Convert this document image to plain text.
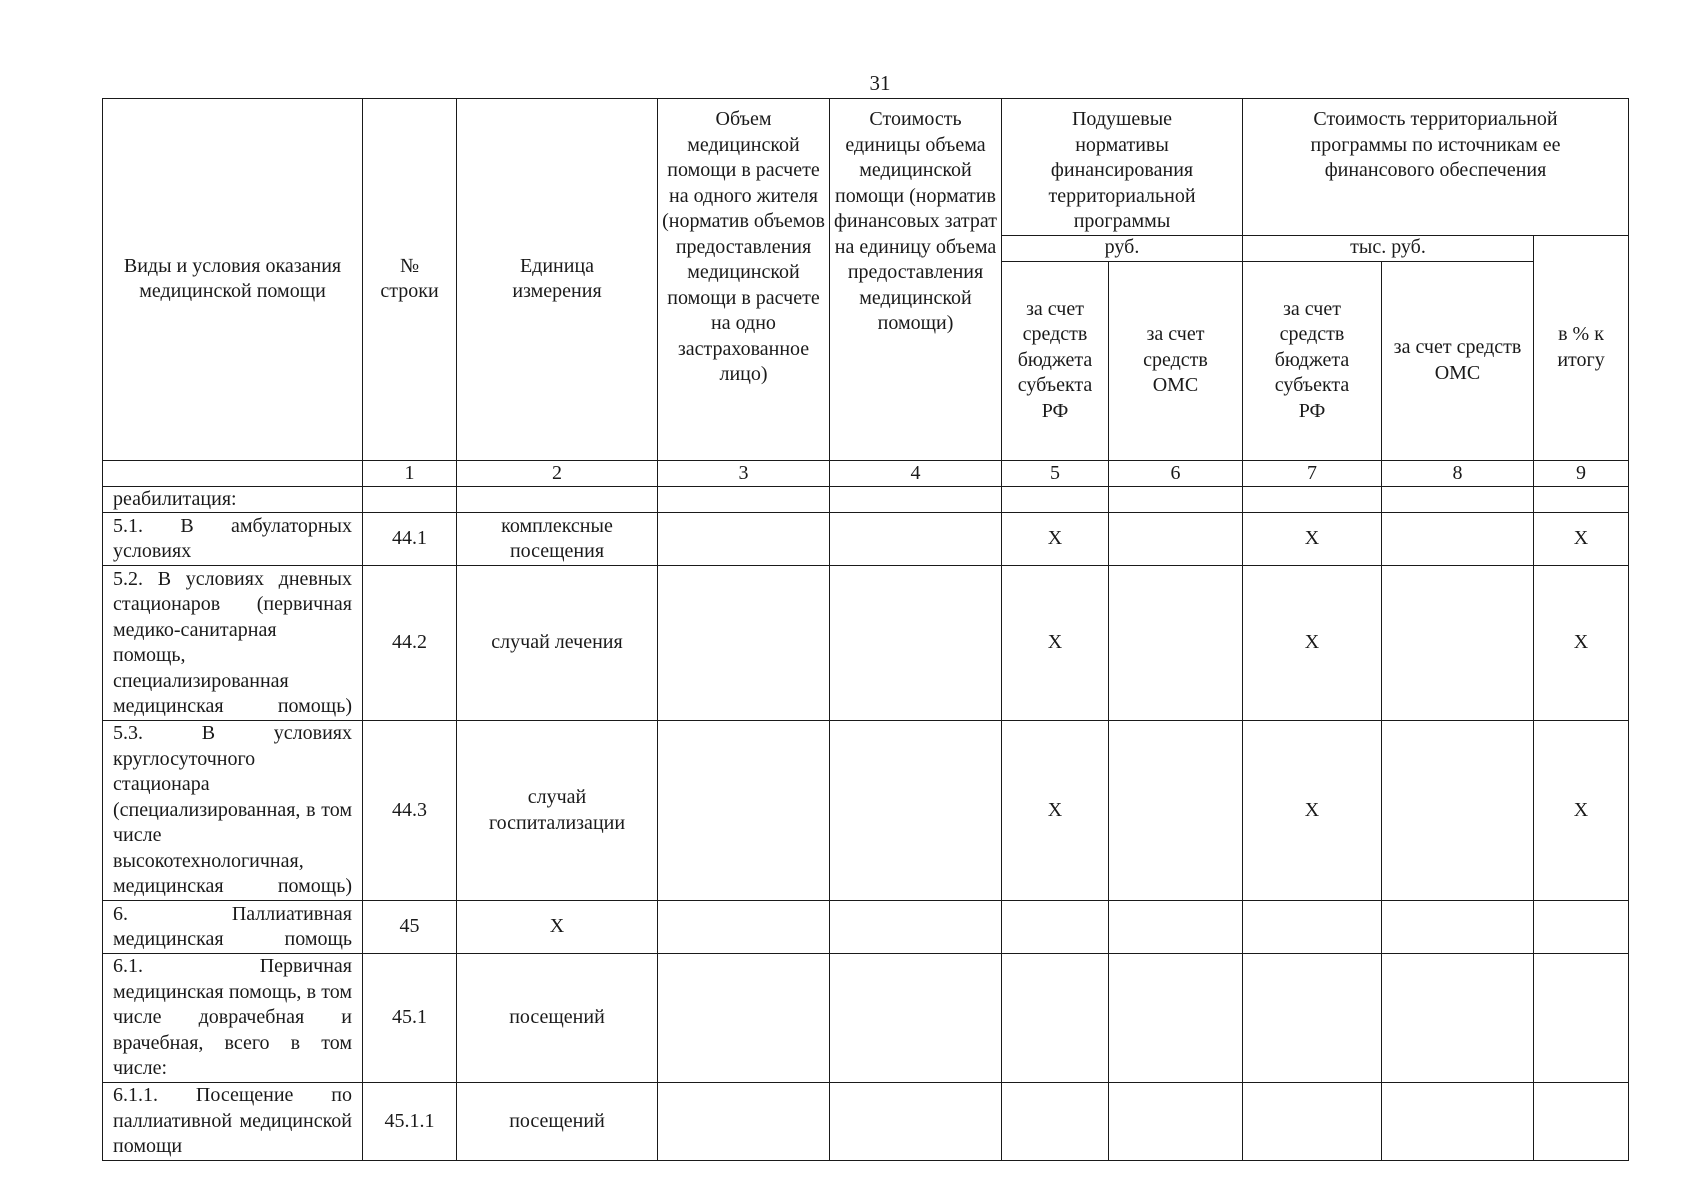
31
Виды и условия оказания медицинской помощи	№ строки	Единица измерения	Объем медицинской помощи в расчете на одного жителя (норматив объемов предоставления медицинской помощи в расчете на одно застрахованное лицо)	Стоимость единицы объема медицинской помощи (норматив финансовых затрат на единицу объема предоставления медицинской помощи)	Подушевые нормативы финансирования территориальной программы		Стоимость территориальной программы по источникам ее финансового обеспечения		
					руб.		тыс. руб.		в % к итогу
					за счет средств бюджета субъекта РФ	за счет средств ОМС	за счет средств бюджета субъекта РФ	за счет средств ОМС	
	1	2	3	4	5	6	7	8	9
реабилитация:									
5.1. В амбулаторных условиях	44.1	комплексные посещения			X		X		X
5.2. В условиях дневных стационаров (первичная медико-санитарная помощь, специализированная медицинская помощь)	44.2	случай лечения			X		X		X
5.3. В условиях круглосуточного стационара (специализированная, в том числе высокотехнологичная, медицинская помощь)	44.3	случай госпитализации			X		X		X
6. Паллиативная медицинская помощь	45	X							
6.1. Первичная медицинская помощь, в том числе доврачебная и врачебная, всего в том числе:	45.1	посещений							
6.1.1. Посещение по паллиативной медицинской помощи	45.1.1	посещений							
